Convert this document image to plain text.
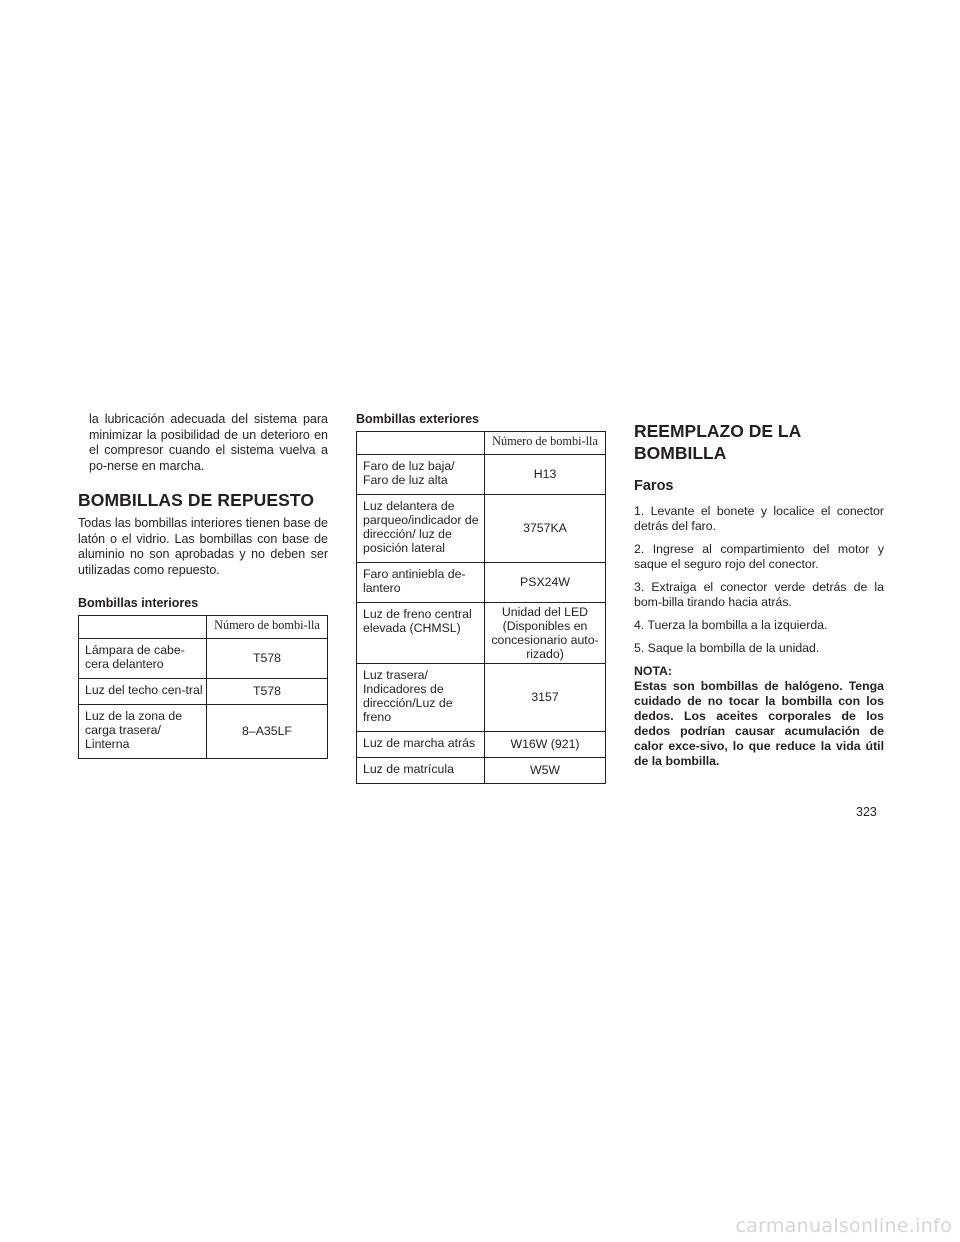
la lubricación adecuada del sistema para minimizar la posibilidad de un deterioro en el compresor cuando el sistema vuelva a po-nerse en marcha.

BOMBILLAS DE REPUESTO

Todas las bombillas interiores tienen base de latón o el vidrio. Las bombillas con base de aluminio no son aprobadas y no deben ser utilizadas como repuesto.

Bombillas interiores
	Número de bombi-lla
Lámpara de cabe-cera delantero	T578
Luz del techo cen-tral	T578
Luz de la zona de carga trasera/ Linterna	8–A35LF
Bombillas exteriores
	Número de bombi-lla
Faro de luz baja/ Faro de luz alta	H13
Luz delantera de parqueo/indicador de dirección/ luz de posición lateral	3757KA
Faro antiniebla de-lantero	PSX24W
Luz de freno central elevada (CHMSL)	Unidad del LED (Disponibles en concesionario auto-rizado)
Luz trasera/ Indicadores de dirección/Luz de freno	3157
Luz de marcha atrás	W16W (921)
Luz de matrícula	W5W
REEMPLAZO DE LA BOMBILLA
Faros

1. Levante el bonete y localice el conector detrás del faro.

2. Ingrese al compartimiento del motor y saque el seguro rojo del conector.

3. Extraiga el conector verde detrás de la bom-billa tirando hacia atrás.

4. Tuerza la bombilla a la izquierda.

5. Saque la bombilla de la unidad.

NOTA:

Estas son bombillas de halógeno. Tenga cuidado de no tocar la bombilla con los dedos. Los aceites corporales de los dedos podrían causar acumulación de calor exce-sivo, lo que reduce la vida útil de la bombilla.

323
carmanualsonline.info
